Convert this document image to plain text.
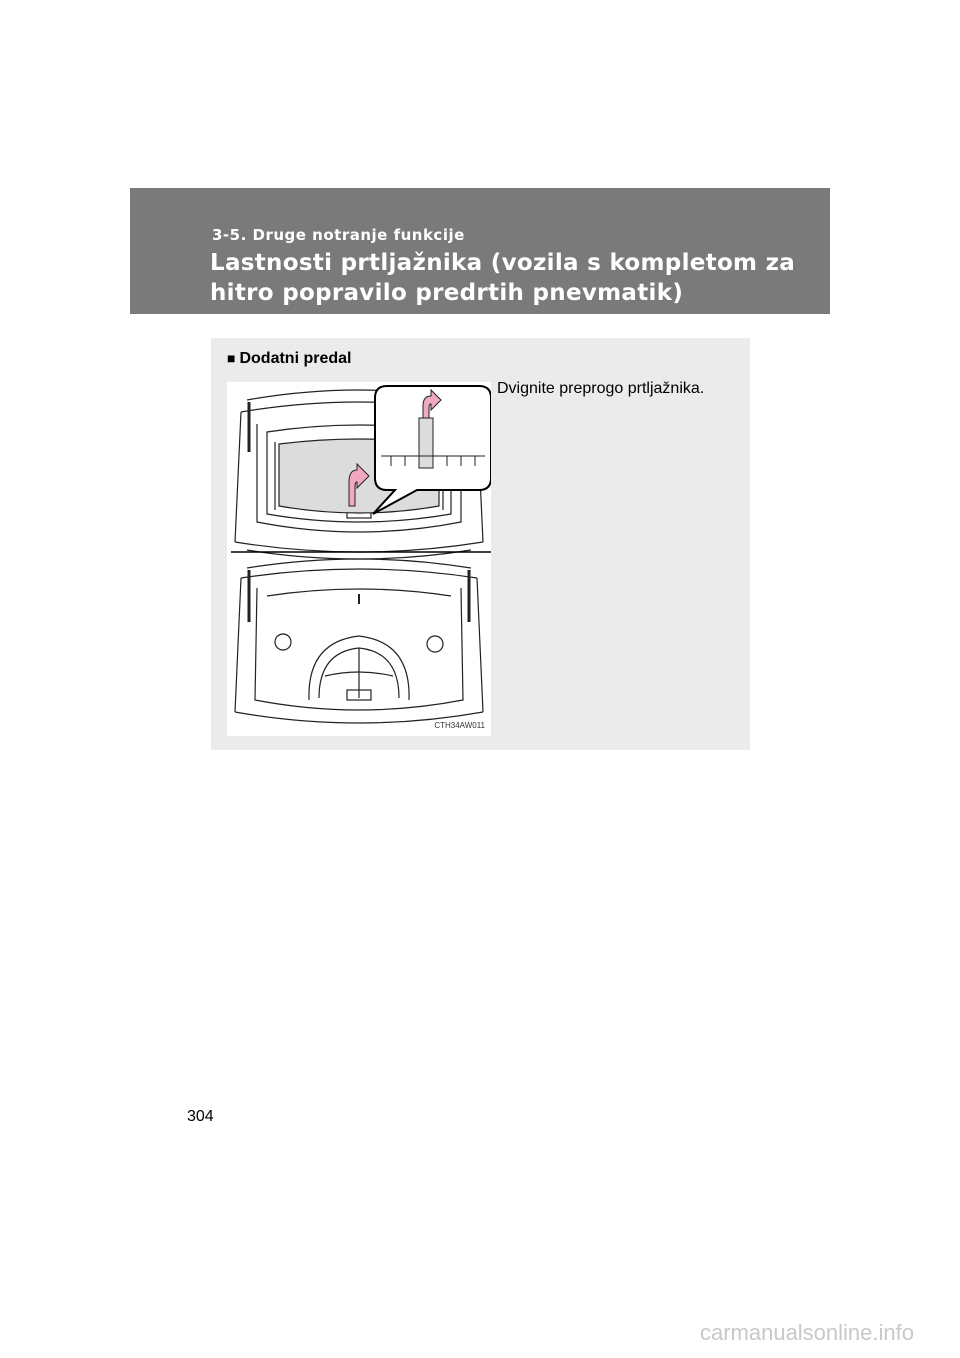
3-5. Druge notranje funkcije
Lastnosti prtljažnika (vozila s kompletom za hitro popravilo predrtih pnevmatik)
■ Dodatni predal
Dvignite preprogo prtljažnika.
CTH34AW011
304
carmanualsonline.info
